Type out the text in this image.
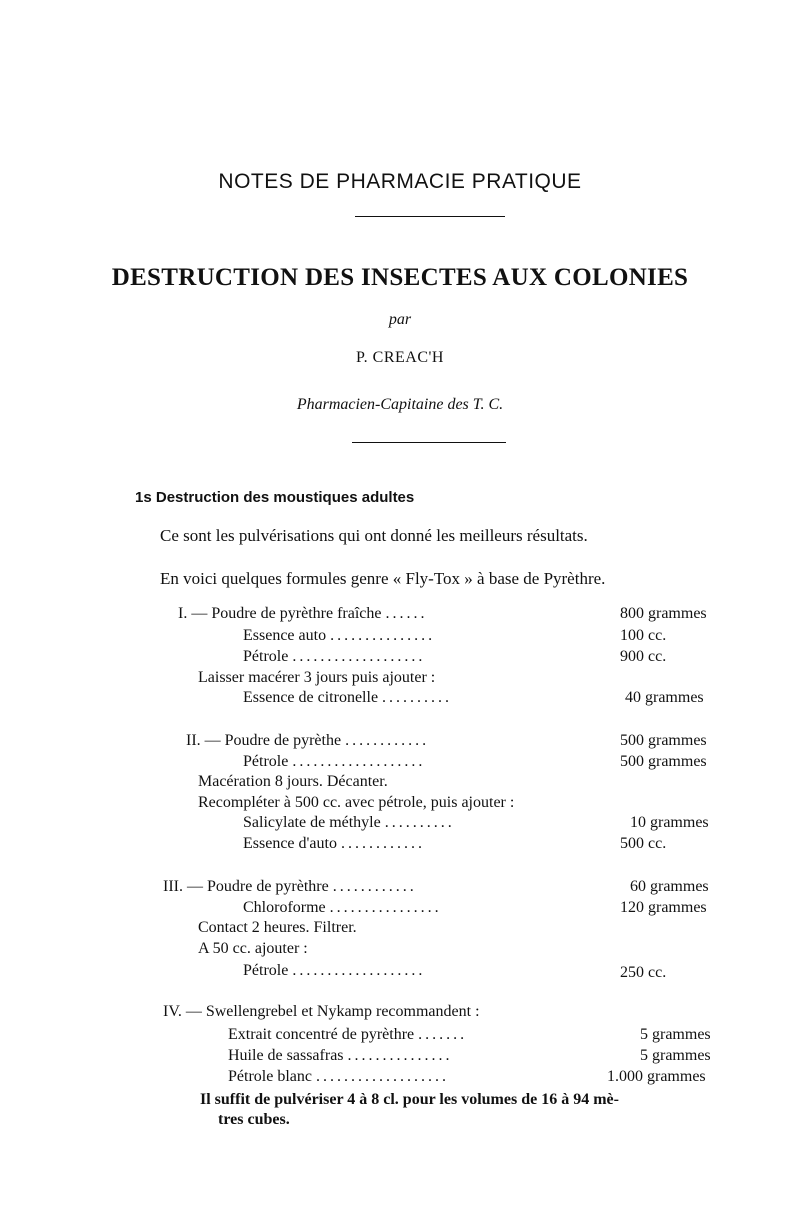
NOTES DE PHARMACIE PRATIQUE
DESTRUCTION DES INSECTES AUX COLONIES
par
P. CREAC'H
Pharmacien-Capitaine des T. C.
1s Destruction des moustiques adultes
Ce sont les pulvérisations qui ont donné les meilleurs résultats.
En voici quelques formules genre « Fly-Tox » à base de Pyrèthre.
I. — Poudre de pyrèthre fraîche ......	800 grammes
Essence auto ...............	100 cc.
Pétrole ...................	900 cc.
Laisser macérer 3 jours puis ajouter :
Essence de citronelle ..........	40 grammes
II. — Poudre de pyrèthe ............	500 grammes
Pétrole ...................	500 grammes
Macération 8 jours. Décanter.
Recompléter à 500 cc. avec pétrole, puis ajouter :
Salicylate de méthyle ..........	10 grammes
Essence d'auto ............	500 cc.
III. — Poudre de pyrèthre ............	60 grammes
Chloroforme ................	120 grammes
Contact 2 heures. Filtrer.
A 50 cc. ajouter :
Pétrole ...................	250 cc.
IV. — Swellengrebel et Nykamp recommandent :
Extrait concentré de pyrèthre .......	5 grammes
Huile de sassafras ...............	5 grammes
Pétrole blanc ...................	1.000 grammes
Il suffit de pulvériser 4 à 8 cl. pour les volumes de 16 à 94 mè-
tres cubes.
